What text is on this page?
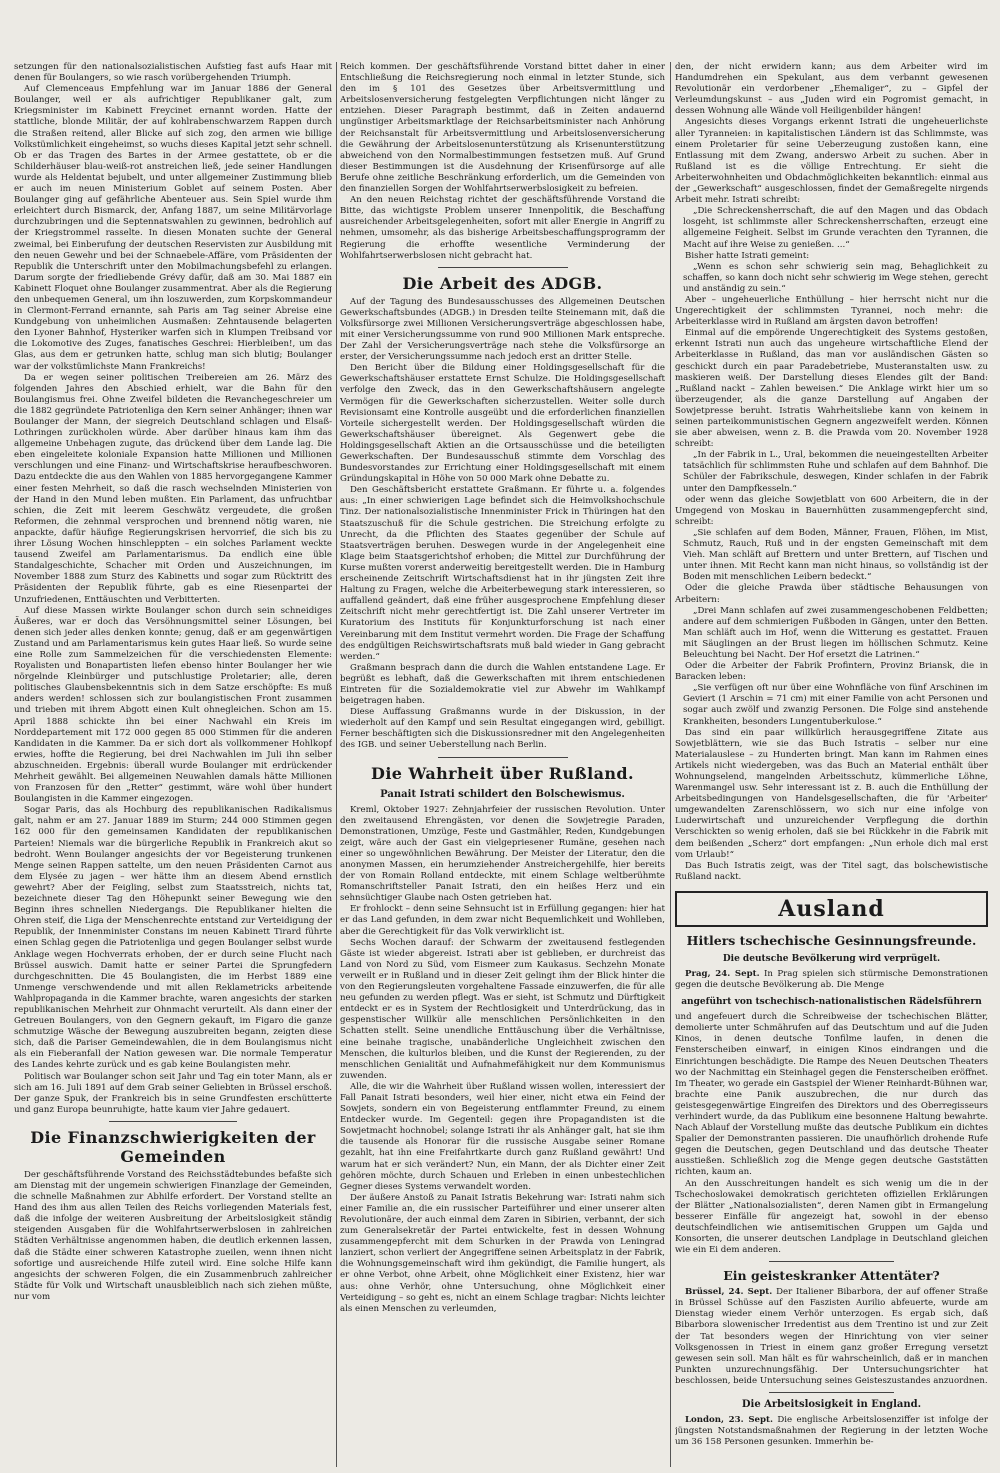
setzungen für den nationalsozialistischen Aufstieg fast aufs Haar mit denen für Boulangers, so wie rasch vorübergehenden Triumph.

Auf Clemenceaus Empfehlung war im Januar 1886 der General Boulanger, weil er als aufrichtiger Republikaner galt, zum Kriegsminister im Kabinett Freycinet ernannt worden. Hatte der stattliche, blonde Militär, der auf kohlrabenschwarzem Rappen durch die Straßen reitend, aller Blicke auf sich zog, den armen wie billige Volkstümlichkeit eingeheimst, so wuchs dieses Kapital jetzt sehr schnell. Ob er das Tragen des Bartes in der Armee gestattete, ob er die Schilderhäuser blau-weiß-rot anstreichen ließ, jede seiner Handlungen wurde als Heldentat bejubelt, und unter allgemeiner Zustimmung blieb er auch im neuen Ministerium Goblet auf seinem Posten. Aber Boulanger ging auf gefährliche Abenteuer aus. Sein Spiel wurde ihm erleichtert durch Bismarck, der, Anfang 1887, um seine Militärvorlage durchzubringen und die Septennatswahlen zu gewinnen, bedrohlich auf der Kriegstrommel rasselte. In diesen Monaten suchte der General zweimal, bei Einberufung der deutschen Reservisten zur Ausbildung mit den neuen Gewehr und bei der Schnaebele-Affäre, vom Präsidenten der Republik die Unterschrift unter den Mobilmachungsbefehl zu erlangen. Darum sorgte der friedliebende Grévy dafür, daß am 30. Mai 1887 ein Kabinett Floquet ohne Boulanger zusammentrat. Aber als die Regierung den unbequemen General, um ihn loszuwerden, zum Korpskommandeur in Clermont-Ferrand ernannte, sah Paris am Tag seiner Abreise eine Kundgebung von unheimlichen Ausmaßen: Zehntausende belagerten den Lyoner Bahnhof, Hysteriker warfen sich in Klumpen Treibsand vor die Lokomotive des Zuges, fanatisches Geschrei: Hierbleiben!, um das Glas, aus dem er getrunken hatte, schlug man sich blutig; Boulanger war der volkstümlichste Mann Frankreichs!

Da er wegen seiner politischen Treibereien am 26. März des folgenden Jahres den Abschied erhielt, war die Bahn für den Boulangismus frei. Ohne Zweifel bildeten die Revanchegeschreier um die 1882 gegründete Patriotenliga den Kern seiner Anhänger; ihnen war Boulanger der Mann, der siegreich Deutschland schlagen und Elsaß-Lothringen zurückholen würde. Aber darüber hinaus kam ihm das allgemeine Unbehagen zugute, das drückend über dem Lande lag. Die eben eingeleitete koloniale Expansion hatte Millionen und Millionen verschlungen und eine Finanz- und Wirtschaftskrise heraufbeschworen. Dazu entdeckte die aus den Wahlen von 1885 hervorgegangene Kammer einer festen Mehrheit, so daß die rasch wechselnden Ministerien von der Hand in den Mund leben mußten. Ein Parlament, das unfruchtbar schien, die Zeit mit leerem Geschwätz vergeudete, die großen Reformen, die zehnmal versprochen und brennend nötig waren, nie anpackte, dafür häufige Regierungskrisen hervorrief, die sich bis zu ihrer Lösung Wochen hinschleppten – ein solches Parlament weckte tausend Zweifel am Parlamentarismus. Da endlich eine üble Standalgeschichte, Schacher mit Orden und Auszeichnungen, im November 1888 zum Sturz des Kabinetts und sogar zum Rücktritt des Präsidenten der Republik führte, gab es eine Riesenpartei der Unzufriedenen, Enttäuschten und Verbitterten.

Auf diese Massen wirkte Boulanger schon durch sein schneidiges Äußeres, war er doch das Versöhnungsmittel seiner Lösungen, bei denen sich jeder alles denken konnte; genug, daß er am gegenwärtigen Zustand und am Parlamentarismus kein gutes Haar ließ. So wurde seine eine Rolle zum Sammelzeichen für die verschiedensten Elemente: Royalisten und Bonapartisten liefen ebenso hinter Boulanger her wie nörgelnde Kleinbürger und putschlustige Proletarier; alle, deren politisches Glaubensbekenntnis sich in dem Satze erschöpfte: Es muß anders werden! schlossen sich zur boulangistischen Front zusammen und trieben mit ihrem Abgott einen Kult ohnegleichen. Schon am 15. April 1888 schickte ihn bei einer Nachwahl ein Kreis im Norddepartement mit 172 000 gegen 85 000 Stimmen für die anderen Kandidaten in die Kammer. Da er sich dort als vollkommener Hohlkopf erwies, hoffte die Regierung, bei drei Nachwahlen im Juli ihn selber abzuschneiden. Ergebnis: überall wurde Boulanger mit erdrückender Mehrheit gewählt. Bei allgemeinen Neuwahlen damals hätte Millionen von Franzosen für den „Retter“ gestimmt, wäre wohl über hundert Boulangisten in die Kammer eingezogen.

Sogar Paris, das als Hochburg des republikanischen Radikalismus galt, nahm er am 27. Januar 1889 im Sturm; 244 000 Stimmen gegen 162 000 für den gemeinsamen Kandidaten der republikanischen Parteien! Niemals war die bürgerliche Republik in Frankreich akut so bedroht. Wenn Boulanger angesichts der vor Begeisterung trunkenen Menge seinen Rappen sattelte, um den neuen Präsidenten Carnot aus dem Elysée zu jagen – wer hätte ihm an diesem Abend ernstlich gewehrt? Aber der Feigling, selbst zum Staatsstreich, nichts tat, bezeichnete dieser Tag den Höhepunkt seiner Bewegung wie den Beginn ihres schnellen Niedergangs. Die Republikaner hielten die Ohren steif, die Liga der Menschenrechte entstand zur Verteidigung der Republik, der Innenminister Constans im neuen Kabinett Tirard führte einen Schlag gegen die Patriotenliga und gegen Boulanger selbst wurde Anklage wegen Hochverrats erhoben, der er durch seine Flucht nach Brüssel auswich. Damit hatte er seiner Partei die Sprungfedern durchgeschnitten. Die 45 Boulangisten, die im Herbst 1889 eine Unmenge verschwendende und mit allen Reklametricks arbeitende Wahlpropaganda in die Kammer brachte, waren angesichts der starken republikanischen Mehrheit zur Ohnmacht verurteilt. Als dann einer der Getreuen Boulangers, von den Gegnern gekauft, im Figaro die ganze schmutzige Wäsche der Bewegung auszubreiten begann, zeigten diese sich, daß die Pariser Gemeindewahlen, die in dem Boulangismus nicht als ein Fieberanfall der Nation gewesen war. Die normale Temperatur des Landes kehrte zurück und es gab keine Boulangisten mehr.

Politisch war Boulanger schon seit Jahr und Tag ein toter Mann, als er sich am 16. Juli 1891 auf dem Grab seiner Geliebten in Brüssel erschoß. Der ganze Spuk, der Frankreich bis in seine Grundfesten erschütterte und ganz Europa beunruhigte, hatte kaum vier Jahre gedauert.

Die Finanzschwierigkeiten der Gemeinden

Der geschäftsführende Vorstand des Reichsstädtebundes befaßte sich am Dienstag mit der ungemein schwierigen Finanzlage der Gemeinden, die schnelle Maßnahmen zur Abhilfe erfordert. Der Vorstand stellte an Hand des ihm aus allen Teilen des Reichs vorliegenden Materials fest, daß die infolge der weiteren Ausbreitung der Arbeitslosigkeit ständig steigenden Ausgaben für die Wohlfahrtserwerbslosen in zahlreichen Städten Verhältnisse angenommen haben, die deutlich erkennen lassen, daß die Städte einer schweren Katastrophe zueilen, wenn ihnen nicht sofortige und ausreichende Hilfe zuteil wird. Eine solche Hilfe kann angesichts der schweren Folgen, die ein Zusammenbruch zahlreicher Städte für Volk und Wirtschaft unausbleiblich nach sich ziehen müßte, nur vom

Reich kommen. Der geschäftsführende Vorstand bittet daher in einer Entschließung die Reichsregierung noch einmal in letzter Stunde, sich den im § 101 des Gesetzes über Arbeitsvermittlung und Arbeitslosenversicherung festgelegten Verpflichtungen nicht länger zu entziehen. Dieser Paragraph bestimmt, daß in Zeiten andauernd ungünstiger Arbeitsmarktlage der Reichsarbeitsminister nach Anhörung der Reichsanstalt für Arbeitsvermittlung und Arbeitslosenversicherung die Gewährung der Arbeitslosenunterstützung als Krisenunterstützung abweichend von den Normalbestimmungen festsetzen muß. Auf Grund dieser Bestimmungen ist die Ausdehnung der Krisenfürsorge auf alle Berufe ohne zeitliche Beschränkung erforderlich, um die Gemeinden von den finanziellen Sorgen der Wohlfahrtserwerbslosigkeit zu befreien.

An den neuen Reichstag richtet der geschäftsführende Vorstand die Bitte, das wichtigste Problem unserer Innenpolitik, die Beschaffung ausreichender Arbeitsgelegenheiten, sofort mit aller Energie in Angriff zu nehmen, umsomehr, als das bisherige Arbeitsbeschaffungsprogramm der Regierung die erhoffte wesentliche Verminderung der Wohlfahrtserwerbslosen nicht gebracht hat.

Die Arbeit des ADGB.

Auf der Tagung des Bundesausschusses des Allgemeinen Deutschen Gewerkschaftsbundes (ADGB.) in Dresden teilte Steinemann mit, daß die Volksfürsorge zwei Millionen Versicherungsverträge abgeschlossen habe, mit einer Versicherungssumme von rund 900 Millionen Mark entspreche. Der Zahl der Versicherungsverträge nach stehe die Volksfürsorge an erster, der Versicherungssumme nach jedoch erst an dritter Stelle.

Den Bericht über die Bildung einer Holdingsgesellschaft für die Gewerkschaftshäuser erstattete Ernst Schulze. Die Holdingsgesellschaft verfolge den Zweck, das in den Gewerkschaftshäusern angelegte Vermögen für die Gewerkschaften sicherzustellen. Weiter solle durch Revisionsamt eine Kontrolle ausgeübt und die erforderlichen finanziellen Vorteile sichergestellt werden. Der Holdingsgesellschaft würden die Gewerkschaftshäuser übereignet. Als Gegenwert gebe die Holdingsgesellschaft Aktien an die Ortsausschüsse und die beteiligten Gewerkschaften. Der Bundesausschuß stimmte dem Vorschlag des Bundesvorstandes zur Errichtung einer Holdingsgesellschaft mit einem Gründungskapital in Höhe von 50 000 Mark ohne Debatte zu.

Den Geschäftsbericht erstattete Graßmann. Er führte u. a. folgendes aus: „In einer schwierigen Lage befindet sich die Heimvolkshochschule Tinz. Der nationalsozialistische Innenminister Frick in Thüringen hat den Staatszuschuß für die Schule gestrichen. Die Streichung erfolgte zu Unrecht, da die Pflichten des Staates gegenüber der Schule auf Staatsverträgen beruhen. Deswegen wurde in der Angelegenheit eine Klage beim Staatsgerichtshof erhoben; die Mittel zur Durchführung der Kurse mußten vorerst anderweitig bereitgestellt werden. Die in Hamburg erscheinende Zeitschrift Wirtschaftsdienst hat in ihr jüngsten Zeit ihre Haltung zu Fragen, welche die Arbeiterbewegung stark interessieren, so auffallend geändert, daß eine früher ausgesprochene Empfehlung dieser Zeitschrift nicht mehr gerechtfertigt ist. Die Zahl unserer Vertreter im Kuratorium des Instituts für Konjunkturforschung ist nach einer Vereinbarung mit dem Institut vermehrt worden. Die Frage der Schaffung des endgültigen Reichswirtschaftsrats muß bald wieder in Gang gebracht werden.“

Graßmann besprach dann die durch die Wahlen entstandene Lage. Er begrüßt es lebhaft, daß die Gewerkschaften mit ihrem entschiedenen Eintreten für die Sozialdemokratie viel zur Abwehr im Wahlkampf beigetragen haben.

Diese Auffassung Graßmanns wurde in der Diskussion, in der wiederholt auf den Kampf und sein Resultat eingegangen wird, gebilligt. Ferner beschäftigten sich die Diskussionsredner mit den Angelegenheiten des IGB. und seiner Ueberstellung nach Berlin.

Die Wahrheit über Rußland.
Panait Istrati schildert den Bolschewismus.

Kreml, Oktober 1927: Zehnjahrfeier der russischen Revolution. Unter den zweitausend Ehrengästen, vor denen die Sowjetregie Paraden, Demonstrationen, Umzüge, Feste und Gastmähler, Reden, Kundgebungen zeigt, wäre auch der Gast ein vielgepriesener Rumäne, gesehen nach einer so ungewöhnlichen Bewährung. Der Meister der Literatur, den die anonymen Massen, ein herumziehender Anstreichergehilfe, hier bereits der von Romain Rolland entdeckte, mit einem Schlage weltberühmte Romanschriftsteller Panait Istrati, den ein heißes Herz und ein sehnsüchtiger Glaube nach Osten getrieben hat.

Er frohlockt – denn seine Sehnsucht ist in Erfüllung gegangen: hier hat er das Land gefunden, in dem zwar nicht Bequemlichkeit und Wohlleben, aber die Gerechtigkeit für das Volk verwirklicht ist.

Sechs Wochen darauf: der Schwarm der zweitausend festlegenden Gäste ist wieder abgereist. Istrati aber ist geblieben, er durchreist das Land von Nord zu Süd, vom Eismeer zum Kaukasus. Sechzehn Monate verweilt er in Rußland und in dieser Zeit gelingt ihm der Blick hinter die von den Regierungsleuten vorgehaltene Fassade einzuwerfen, die für alle neu gefunden zu werden pflegt. Was er sieht, ist Schmutz und Dürftigkeit entdeckt er es in System der Rechtlosigkeit und Unterdrückung, das in gespenstischer Willkür alle menschlichen Persönlichkeiten in den Schatten stellt. Seine unendliche Enttäuschung über die Verhältnisse, eine beinahe tragische, unabänderliche Ungleichheit zwischen den Menschen, die kulturlos bleiben, und die Kunst der Regierenden, zu der menschlichen Genialität und Aufnahmefähigkeit nur dem Kommunismus zuwenden.

Alle, die wir die Wahrheit über Rußland wissen wollen, interessiert der Fall Panait Istrati besonders, weil hier einer, nicht etwa ein Feind der Sowjets, sondern ein von Begeisterung entflammter Freund, zu einem Entdecker wurde. Im Gegenteil: gegen ihre Propagandisten ist die Sowjetmacht hochnobel; solange Istrati ihr als Anhänger galt, hat sie ihm die tausende als Honorar für die russische Ausgabe seiner Romane gezahlt, hat ihn eine Freifahrtkarte durch ganz Rußland gewährt! Und warum hat er sich verändert? Nun, ein Mann, der als Dichter einer Zeit gehören möchte, durch Schauen und Erleben in einen unbestechlichen Gegner dieses Systems verwandelt worden.

Der äußere Anstoß zu Panait Istratis Bekehrung war: Istrati nahm sich einer Familie an, die ein russischer Parteiführer und einer unserer alten Revolutionäre, der auch einmal dem Zaren in Sibirien, verbannt, der sich zum Generalsekretär der Partei entwickelte, fest in dessen Wohnung zusammengepfercht mit dem Schurken in der Prawda von Leningrad lanziert, schon verliert der Angegriffene seinen Arbeitsplatz in der Fabrik, die Wohnungsgemeinschaft wird ihm gekündigt, die Familie hungert, als er ohne Verbot, ohne Arbeit, ohne Möglichkeit einer Existenz, hier war aus: ohne Verhör, ohne Untersuchung, ohne Möglichkeit einer Verteidigung – so geht es, nicht an einem Schlage tragbar: Nichts leichter als einen Menschen zu verleumden,

den, der nicht erwidern kann; aus dem Arbeiter wird im Handumdrehen ein Spekulant, aus dem verbannt gewesenen Revolutionär ein verdorbener „Ehemaliger“, zu – Gipfel der Verleumdungskunst – aus „Juden wird ein Pogromist gemacht, in dessen Wohnung alle Wände voll Heiligenbilder hängen!

Angesichts dieses Vorgangs erkennt Istrati die ungeheuerlichste aller Tyranneien: in kapitalistischen Ländern ist das Schlimmste, was einem Proletarier für seine Ueberzeugung zustoßen kann, eine Entlassung mit dem Zwang, anderswo Arbeit zu suchen. Aber in Rußland ist es die völlige Entrechtung. Er sieht die Arbeiterwohnheiten und Obdachmöglichkeiten bekanntlich: einmal aus der „Gewerkschaft“ ausgeschlossen, findet der Gemaßregelte nirgends Arbeit mehr. Istrati schreibt:

„Die Schreckensherrschaft, die auf den Magen und das Obdach losgeht, ist schlimmste aller Schreckensherrschaften, erzeugt eine allgemeine Feigheit. Selbst im Grunde verachten den Tyrannen, die Macht auf ihre Weise zu genießen. ...“

Bisher hatte Istrati gemeint:

„Wenn es schon sehr schwierig sein mag, Behaglichkeit zu schaffen, so kann doch nicht sehr schwierig im Wege stehen, gerecht und anständig zu sein.“

Aber – ungeheuerliche Enthüllung – hier herrscht nicht nur die Ungerechtigkeit der schlimmsten Tyrannei, noch mehr: die Arbeiterklasse wird in Rußland am ärgsten davon betroffen!

Einmal auf die empörende Ungerechtigkeit des Systems gestoßen, erkennt Istrati nun auch das ungeheure wirtschaftliche Elend der Arbeiterklasse in Rußland, das man vor ausländischen Gästen so geschickt durch ein paar Paradebetriebe, Musteranstalten usw. zu maskieren weiß. Der Darstellung dieses Elendes gilt der Band: „Rußland nackt – Zahlen beweisen.“ Die Anklage wirkt hier um so überzeugender, als die ganze Darstellung auf Angaben der Sowjetpresse beruht. Istratis Wahrheitsliebe kann von keinem in seinen parteikommunistischen Gegnern angezweifelt werden. Können sie aber abweisen, wenn z. B. die Prawda vom 20. November 1928 schreibt:

„In der Fabrik in L., Ural, bekommen die neueingestellten Arbeiter tatsächlich für schlimmsten Ruhe und schlafen auf dem Bahnhof. Die Schüler der Fabrikschule, deswegen, Kinder schlafen in der Fabrik unter den Dampfkesseln.“

oder wenn das gleiche Sowjetblatt von 600 Arbeitern, die in der Umgegend von Moskau in Bauernhütten zusammengepfercht sind, schreibt:

„Sie schlafen auf dem Boden, Männer, Frauen, Flöhen, im Mist, Schmutz, Rauch, Ruß und in der engsten Gemeinschaft mit dem Vieh. Man schläft auf Brettern und unter Brettern, auf Tischen und unter ihnen. Mit Recht kann man nicht hinaus, so vollständig ist der Boden mit menschlichen Leibern bedeckt.“

Oder die gleiche Prawda über städtische Behausungen von Arbeitern:

„Drei Mann schlafen auf zwei zusammengeschobenen Feldbetten; andere auf dem schmierigen Fußboden in Gängen, unter den Betten. Man schläft auch im Hof, wenn die Witterung es gestattet. Frauen mit Säuglingen an der Brust liegen im höllischen Schmutz. Keine Beleuchtung bei Nacht. Der Hof ersetzt die Latrinen.“

Oder die Arbeiter der Fabrik Profintern, Provinz Briansk, die in Baracken leben:

„Sie verfügen oft nur über eine Wohnfläche von fünf Arschinen im Geviert (1 Arschin = 71 cm) mit einer Familie von acht Personen und sogar auch zwölf und zwanzig Personen. Die Folge sind anstehende Krankheiten, besonders Lungentuberkulose.“

Das sind ein paar willkürlich herausgegriffene Zitate aus Sowjetblättern, wie sie das Buch Istratis – selber nur eine Materialauslese – zu Hunderten bringt. Man kann im Rahmen eines Artikels nicht wiedergeben, was das Buch an Material enthält über Wohnungselend, mangelnden Arbeitsschutz, kümmerliche Löhne, Warenmangel usw. Sehr interessant ist z. B. auch die Enthüllung der Arbeitsbedingungen von Handelsgesellschaften, die für 'Arbeiter' umgewandelten Zarenschlössern, wo sich nur eine infolge von Luderwirtschaft und unzureichender Verpflegung die dorthin Verschickten so wenig erholen, daß sie bei Rückkehr in die Fabrik mit dem beißenden „Scherz“ dort empfangen: „Nun erhole dich mal erst vom Urlaub!“

Das Buch Istratis zeigt, was der Titel sagt, das bolschewistische Rußland nackt.

Ausland
Hitlers tschechische Gesinnungsfreunde.
Die deutsche Bevölkerung wird verprügelt.

Prag, 24. Sept. In Prag spielen sich stürmische Demonstrationen gegen die deutsche Bevölkerung ab. Die Menge

angeführt von tschechisch-nationalistischen Rädelsführern

und angefeuert durch die Schreibweise der tschechischen Blätter, demolierte unter Schmährufen auf das Deutschtum und auf die Juden Kinos, in denen deutsche Tonfilme laufen, in denen die Fensterscheiben einwarf, in einigen Kinos eindrangen und die Einrichtungen beschädigte. Die Rampe des Neuen Deutschen Theaters wo der Nachmittag ein Steinhagel gegen die Fensterscheiben eröffnet. Im Theater, wo gerade ein Gastspiel der Wiener Reinhardt-Bühnen war, brachte eine Panik auszubrechen, die nur durch das geistesgegenwärtige Eingreifen des Direktors und des Oberregisseurs verhindert wurde, da das Publikum eine besonnene Haltung bewahrte. Nach Ablauf der Vorstellung mußte das deutsche Publikum ein dichtes Spalier der Demonstranten passieren. Die unaufhörlich drohende Rufe gegen die Deutschen, gegen Deutschland und das deutsche Theater ausstießen. Schließlich zog die Menge gegen deutsche Gaststätten richten, kaum an.

An den Ausschreitungen handelt es sich wenig um die in der Tschechoslowakei demokratisch gerichteten offiziellen Erklärungen der Blätter „Nationalsozialisten“, deren Namen gibt in Ermangelung besserer Einfälle für angezeigt hat, sowohl in der ebenso deutschfeindlichen wie antisemitischen Gruppen um Gajda und Konsorten, die unserer deutschen Landplage in Deutschland gleichen wie ein Ei dem anderen.

Ein geisteskranker Attentäter?

Brüssel, 24. Sept. Der Italiener Bibarbora, der auf offener Straße in Brüssel Schüsse auf den Faszisten Aurilio abfeuerte, wurde am Dienstag wieder einem Verhör unterzogen. Es ergab sich, daß Bibarbora slowenischer Irredentist aus dem Trentino ist und zur Zeit der Tat besonders wegen der Hinrichtung von vier seiner Volksgenossen in Triest in einem ganz großer Erregung versetzt gewesen sein soll. Man hält es für wahrscheinlich, daß er in manchen Punkten unzurechnungsfähig. Der Untersuchungsrichter hat beschlossen, beide Untersuchung seines Geisteszustandes anzuordnen.

Die Arbeitslosigkeit in England.

London, 23. Sept. Die englische Arbeitslosenziffer ist infolge der jüngsten Notstandsmaßnahmen der Regierung in der letzten Woche um 36 158 Personen gesunken. Immerhin be-
